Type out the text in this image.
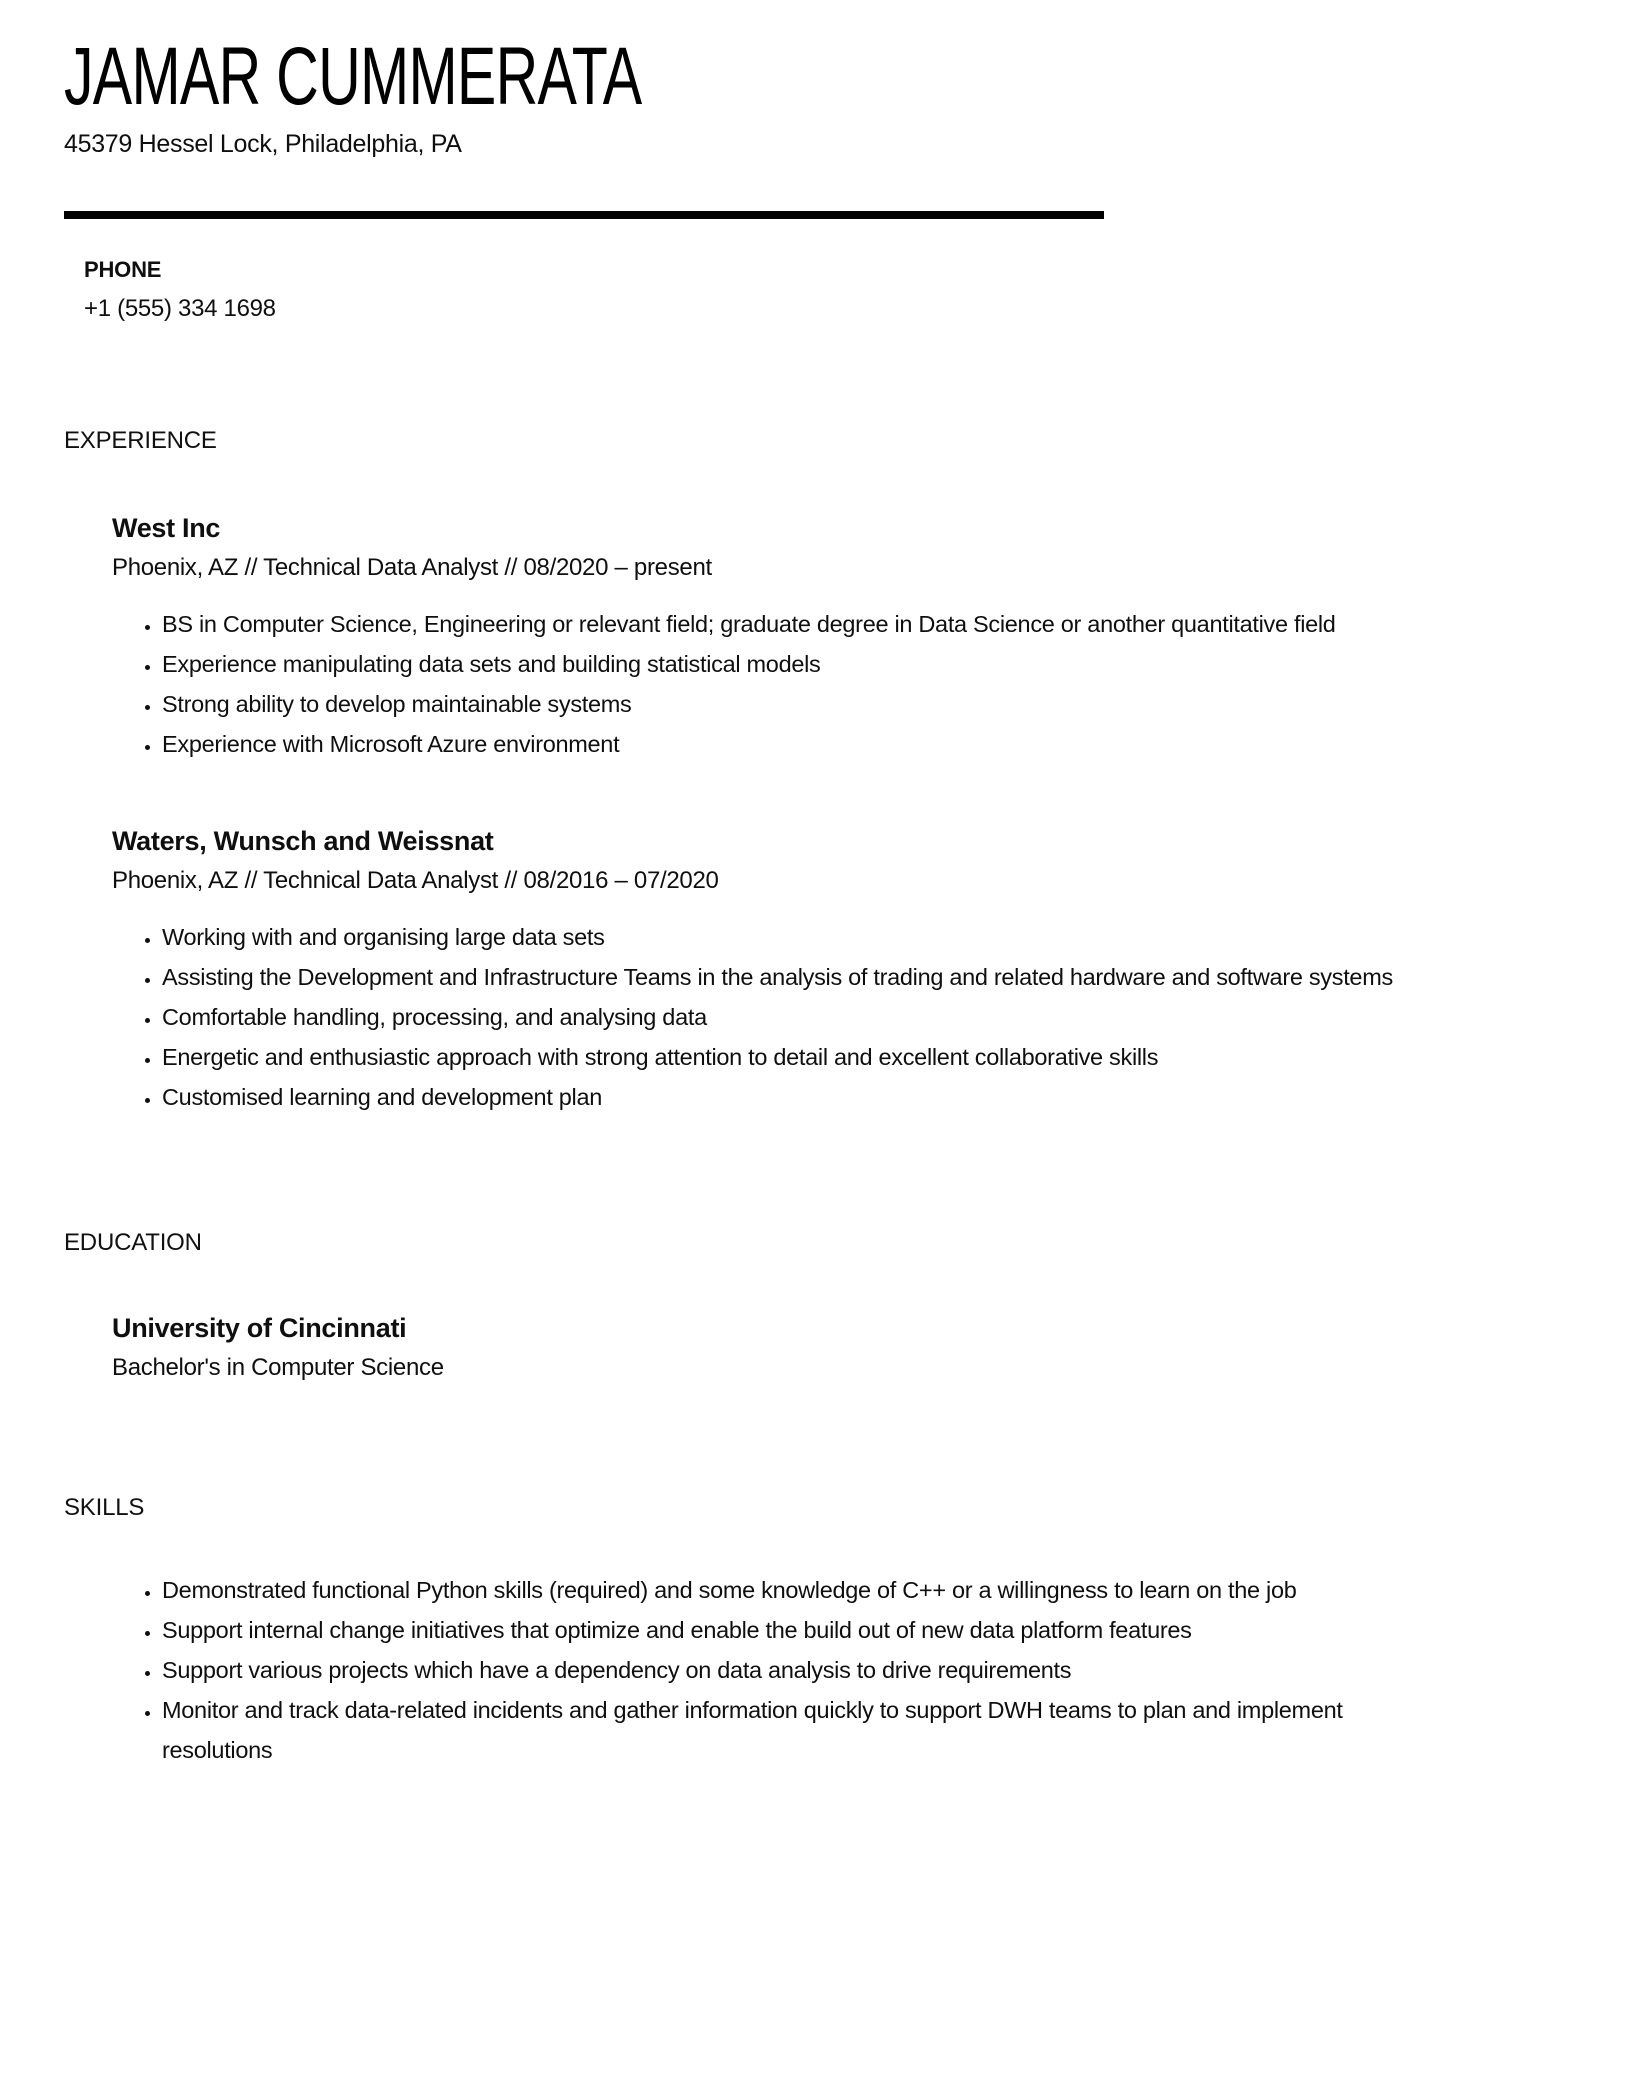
JAMAR CUMMERATA
45379 Hessel Lock, Philadelphia, PA
PHONE
+1 (555) 334 1698
EXPERIENCE
West Inc
Phoenix, AZ // Technical Data Analyst // 08/2020 – present
• BS in Computer Science, Engineering or relevant field; graduate degree in Data Science or another quantitative field
• Experience manipulating data sets and building statistical models
• Strong ability to develop maintainable systems
• Experience with Microsoft Azure environment
Waters, Wunsch and Weissnat
Phoenix, AZ // Technical Data Analyst // 08/2016 – 07/2020
• Working with and organising large data sets
• Assisting the Development and Infrastructure Teams in the analysis of trading and related hardware and software systems
• Comfortable handling, processing, and analysing data
• Energetic and enthusiastic approach with strong attention to detail and excellent collaborative skills
• Customised learning and development plan
EDUCATION
University of Cincinnati
Bachelor's in Computer Science
SKILLS
• Demonstrated functional Python skills (required) and some knowledge of C++ or a willingness to learn on the job
• Support internal change initiatives that optimize and enable the build out of new data platform features
• Support various projects which have a dependency on data analysis to drive requirements
• Monitor and track data-related incidents and gather information quickly to support DWH teams to plan and implement resolutions
